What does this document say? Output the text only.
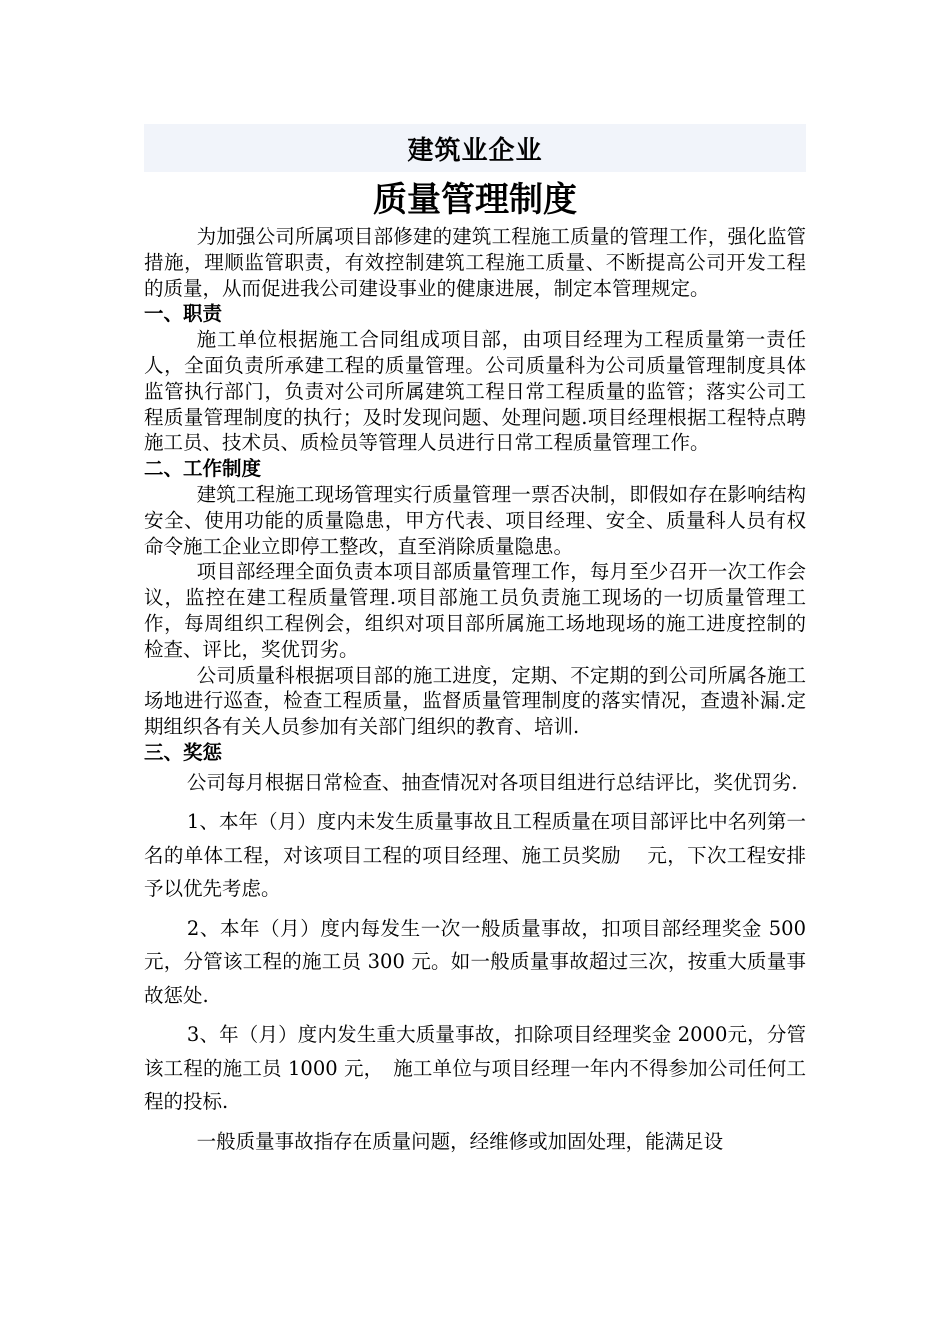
建筑业企业
质量管理制度

为加强公司所属项目部修建的建筑工程施工质量的管理工作，强化监管措施，理顺监管职责，有效控制建筑工程施工质量、不断提高公司开发工程的质量，从而促进我公司建设事业的健康进展，制定本管理规定。

一、职责

施工单位根据施工合同组成项目部，由项目经理为工程质量第一责任人，全面负责所承建工程的质量管理。公司质量科为公司质量管理制度具体监管执行部门，负责对公司所属建筑工程日常工程质量的监管；落实公司工程质量管理制度的执行；及时发现问题、处理问题.项目经理根据工程特点聘施工员、技术员、质检员等管理人员进行日常工程质量管理工作。

二、工作制度

建筑工程施工现场管理实行质量管理一票否决制，即假如存在影响结构安全、使用功能的质量隐患，甲方代表、项目经理、安全、质量科人员有权命令施工企业立即停工整改，直至消除质量隐患。

项目部经理全面负责本项目部质量管理工作，每月至少召开一次工作会议，监控在建工程质量管理.项目部施工员负责施工现场的一切质量管理工作，每周组织工程例会，组织对项目部所属施工场地现场的施工进度控制的检查、评比，奖优罚劣。

公司质量科根据项目部的施工进度，定期、不定期的到公司所属各施工场地进行巡查，检查工程质量，监督质量管理制度的落实情况，查遗补漏.定期组织各有关人员参加有关部门组织的教育、培训.

三、奖惩

公司每月根据日常检查、抽查情况对各项目组进行总结评比，奖优罚劣.

1、本年（月）度内未发生质量事故且工程质量在项目部评比中名列第一名的单体工程，对该项目工程的项目经理、施工员奖励　 元，下次工程安排予以优先考虑。

2、本年（月）度内每发生一次一般质量事故，扣项目部经理奖金 500 元，分管该工程的施工员 300 元。如一般质量事故超过三次，按重大质量事故惩处.

3、年（月）度内发生重大质量事故，扣除项目经理奖金 2000元，分管该工程的施工员 1000 元，　施工单位与项目经理一年内不得参加公司任何工程的投标.

一般质量事故指存在质量问题，经维修或加固处理，能满足设
